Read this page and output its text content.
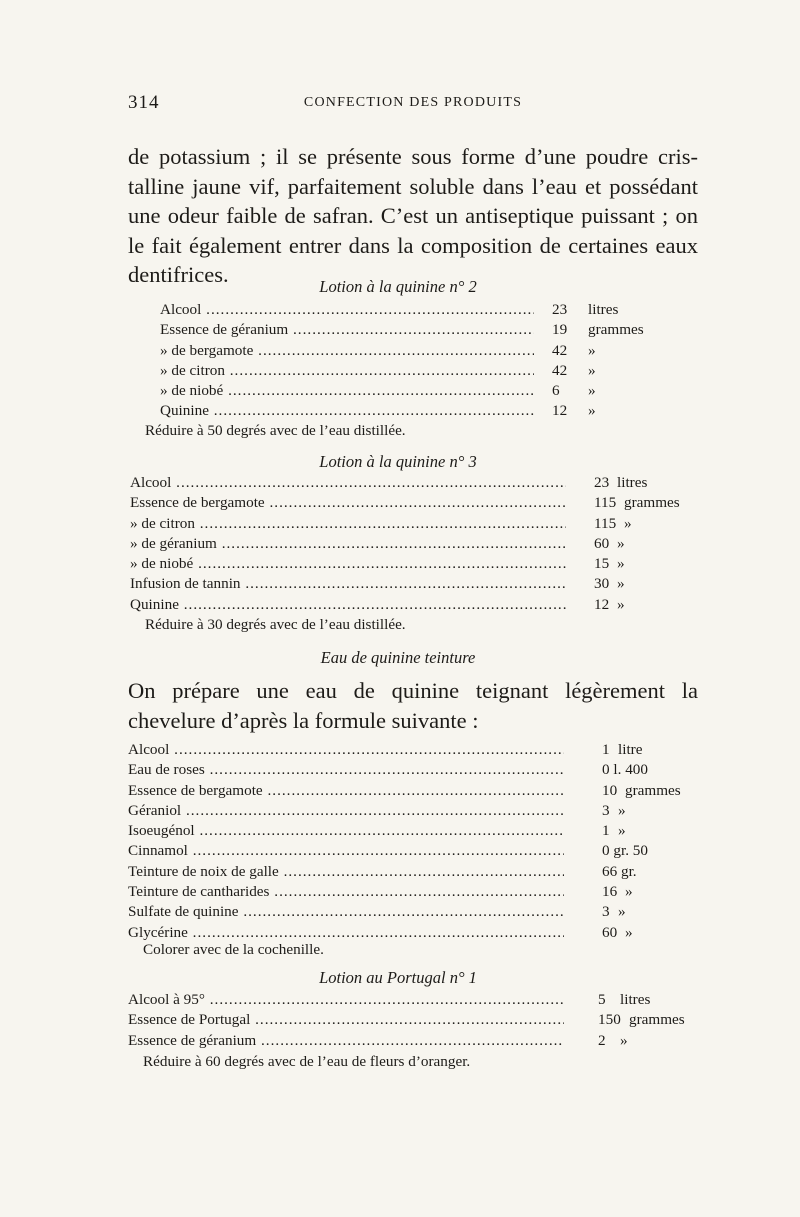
314	CONFECTION DES PRODUITS
de potassium ; il se présente sous forme d’une poudre cris-
talline jaune vif, parfaitement soluble dans l’eau et possédant
une odeur faible de safran. C’est un antiseptique puissant ; on
le fait également entrer dans la composition de certaines eaux
dentifrices.	Lotion à la quinine n° 2
Alcool .....	23 litres
Essence de géranium .....	19 grammes
» de bergamote .....	42 »
» de citron .....	42 »
» de niobé .....	6 »
Quinine .....	12 »
Réduire à 50 degrés avec de l’eau distillée.
Lotion à la quinine n° 3
Alcool .....	23 litres
Essence de bergamote .....	115 grammes
» de citron .....	115 »
» de géranium .....	60 »
» de niobé .....	15 »
Infusion de tannin .....	30 »
Quinine .....	12 »
Réduire à 30 degrés avec de l’eau distillée.
Eau de quinine teinture
On prépare une eau de quinine teignant légèrement la
chevelure d’après la formule suivante :
Alcool .....	1 litre
Eau de roses .....	0 l. 400
Essence de bergamote .....	10 grammes
Géraniol .....	3 »
Isoeugénol .....	1 »
Cinnamol .....	0 gr. 50
Teinture de noix de galle .....	66 gr.
Teinture de cantharides .....	16 »
Sulfate de quinine .....	3 »
Glycérine .....	60 »
Colorer avec de la cochenille.
Lotion au Portugal n° 1
Alcool à 95° .....	5 litres
Essence de Portugal .....	150 grammes
Essence de géranium .....	2 »
Réduire à 60 degrés avec de l’eau de fleurs d’oranger.
